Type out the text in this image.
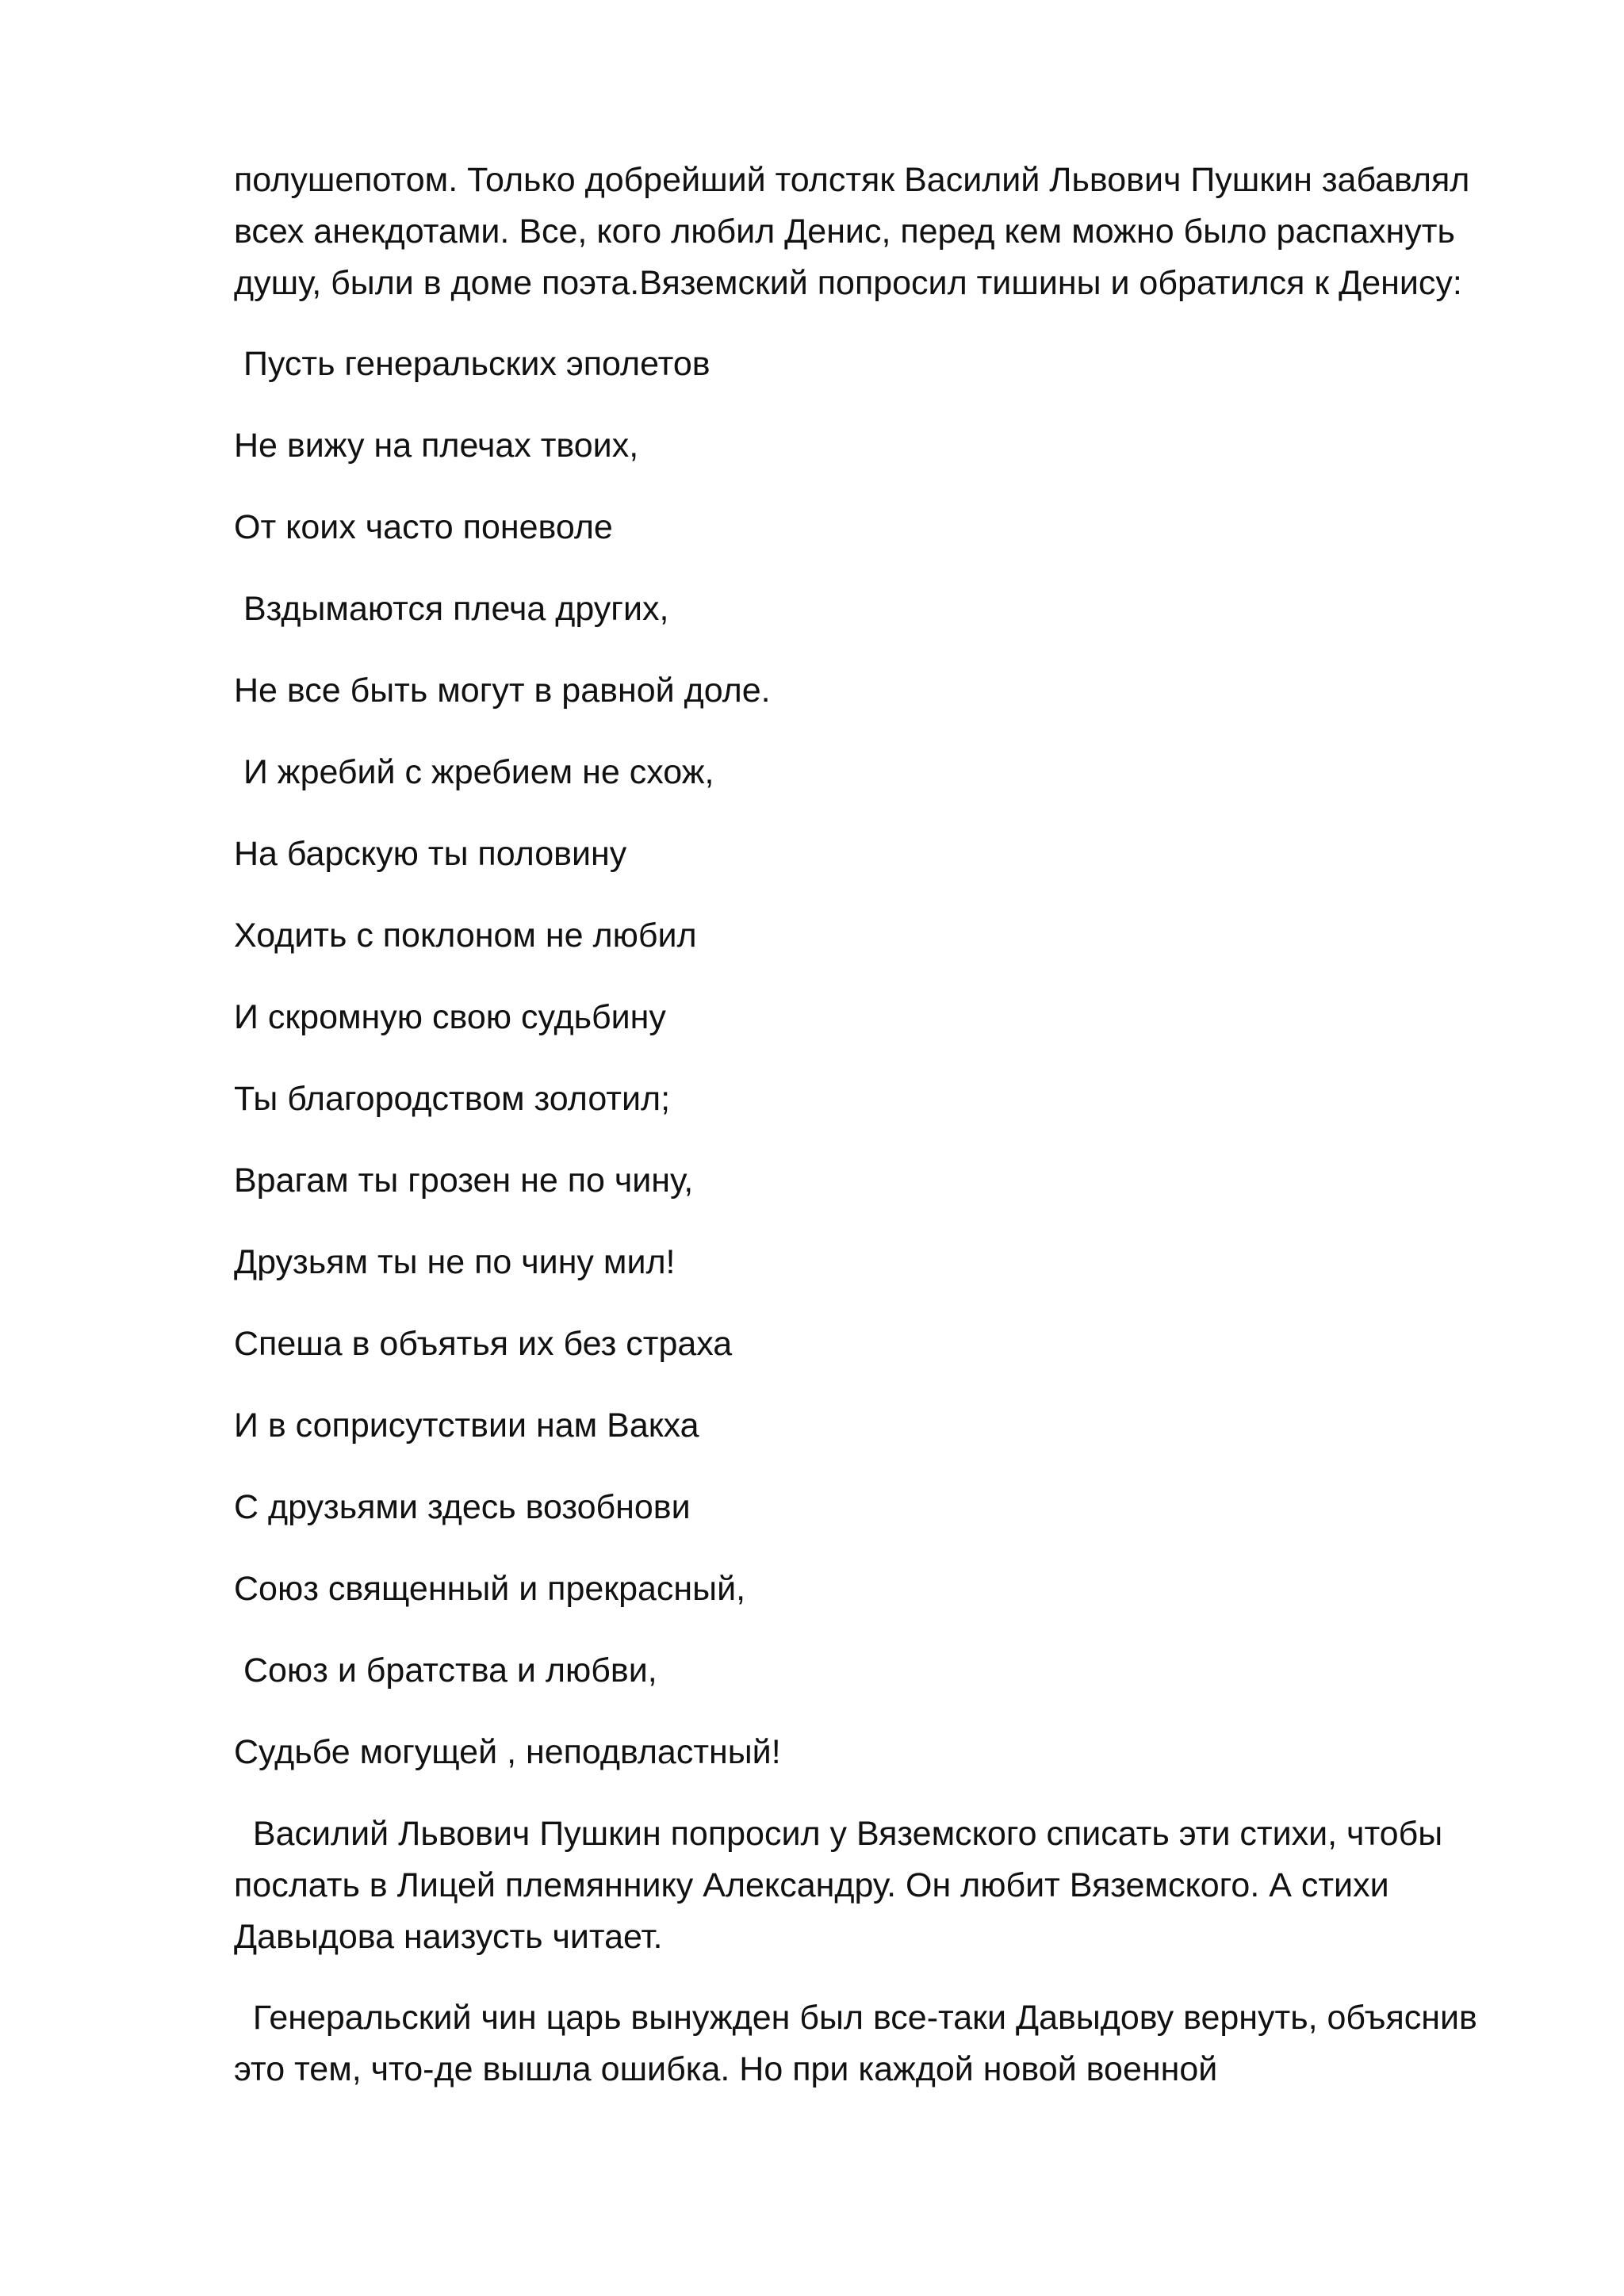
полушепотом. Только добрейший толстяк Василий Львович Пушкин забавлял всех анекдотами. Все, кого любил Денис, перед кем можно было распахнуть душу, были в доме поэта.Вяземский попросил тишины и обратился к Денису:

Пусть генеральских эполетов

Не вижу на плечах твоих,

От коих часто поневоле

Вздымаются плеча других,

Не все быть могут в равной доле.

И жребий с жребием не схож,

На барскую ты половину

Ходить с поклоном не любил

И скромную свою судьбину

Ты благородством золотил;

Врагам ты грозен не по чину,

Друзьям ты не по чину мил!

Спеша в объятья их без страха

И в соприсутствии нам Вакха

С друзьями здесь возобнови

Союз священный и прекрасный,

Союз и братства и любви,

Судьбе могущей , неподвластный!

Василий Львович Пушкин попросил у Вяземского списать эти стихи, чтобы послать в Лицей племяннику Александру. Он любит Вяземского. А стихи Давыдова наизусть читает.

Генеральский чин царь вынужден был все-таки Давыдову вернуть, объяснив это тем, что-де вышла ошибка. Но при каждой новой военной
